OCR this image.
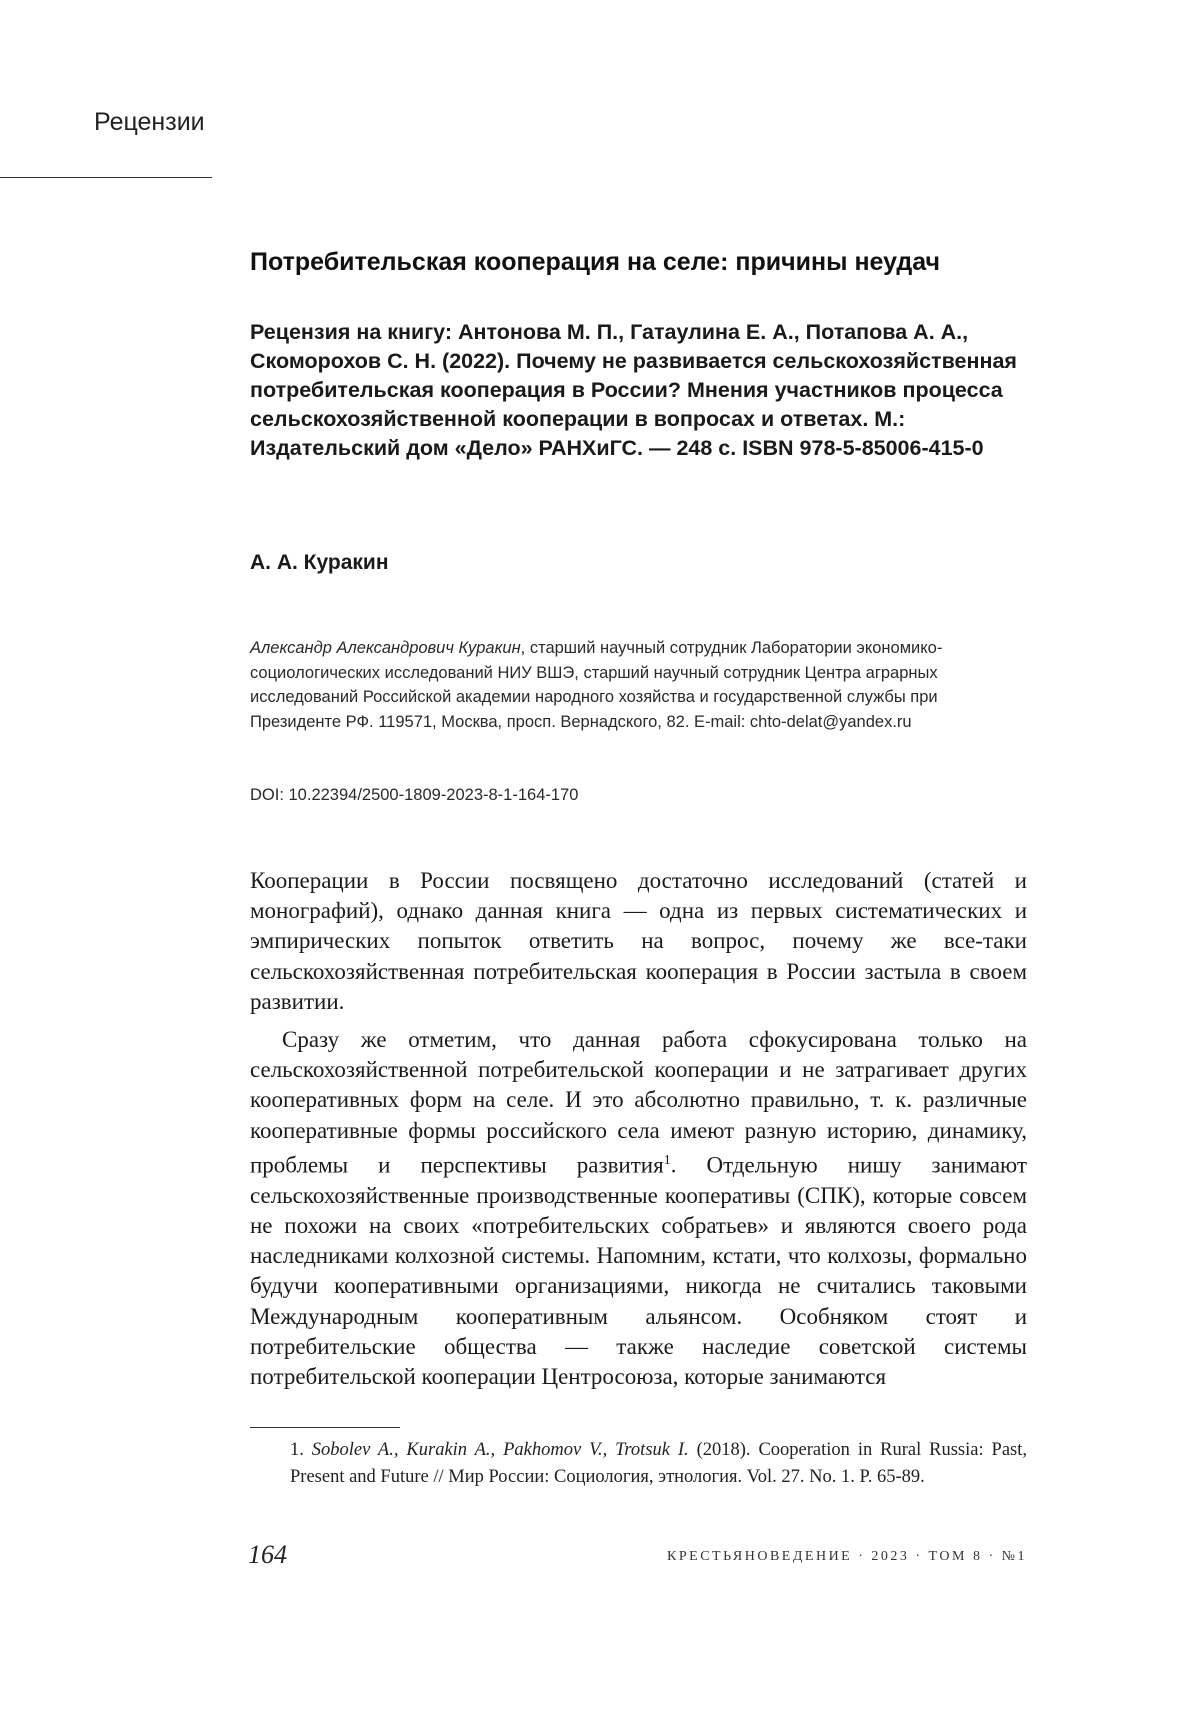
Рецензии
Потребительская кооперация на селе: причины неудач
Рецензия на книгу: Антонова М. П., Гатаулина Е. А., Потапова А. А., Скоморохов С. Н. (2022). Почему не развивается сельскохозяйственная потребительская кооперация в России? Мнения участников процесса сельскохозяйственной кооперации в вопросах и ответах. М.: Издательский дом «Дело» РАНХиГС. — 248 с. ISBN 978-5-85006-415-0
А. А. Куракин
Александр Александрович Куракин, старший научный сотрудник Лаборатории экономико-социологических исследований НИУ ВШЭ, старший научный сотрудник Центра аграрных исследований Российской академии народного хозяйства и государственной службы при Президенте РФ. 119571, Москва, просп. Вернадского, 82. E-mail: chto-delat@yandex.ru
DOI: 10.22394/2500-1809-2023-8-1-164-170

Кооперации в России посвящено достаточно исследований (статей и монографий), однако данная книга — одна из первых систематических и эмпирических попыток ответить на вопрос, почему же все-таки сельскохозяйственная потребительская кооперация в России застыла в своем развитии.

Сразу же отметим, что данная работа сфокусирована только на сельскохозяйственной потребительской кооперации и не затрагивает других кооперативных форм на селе. И это абсолютно правильно, т. к. различные кооперативные формы российского села имеют разную историю, динамику, проблемы и перспективы развития1. Отдельную нишу занимают сельскохозяйственные производственные кооперативы (СПК), которые совсем не похожи на своих «потребительских собратьев» и являются своего рода наследниками колхозной системы. Напомним, кстати, что колхозы, формально будучи кооперативными организациями, никогда не считались таковыми Международным кооперативным альянсом. Особняком стоят и потребительские общества — также наследие советской системы потребительской кооперации Центросоюза, которые занимаются

1. Sobolev A., Kurakin A., Pakhomov V., Trotsuk I. (2018). Cooperation in Rural Russia: Past, Present and Future // Мир России: Социология, этнология. Vol. 27. No. 1. P. 65-89.

164	КРЕСТЬЯНОВЕДЕНИЕ · 2023 · ТОМ 8 · №1
